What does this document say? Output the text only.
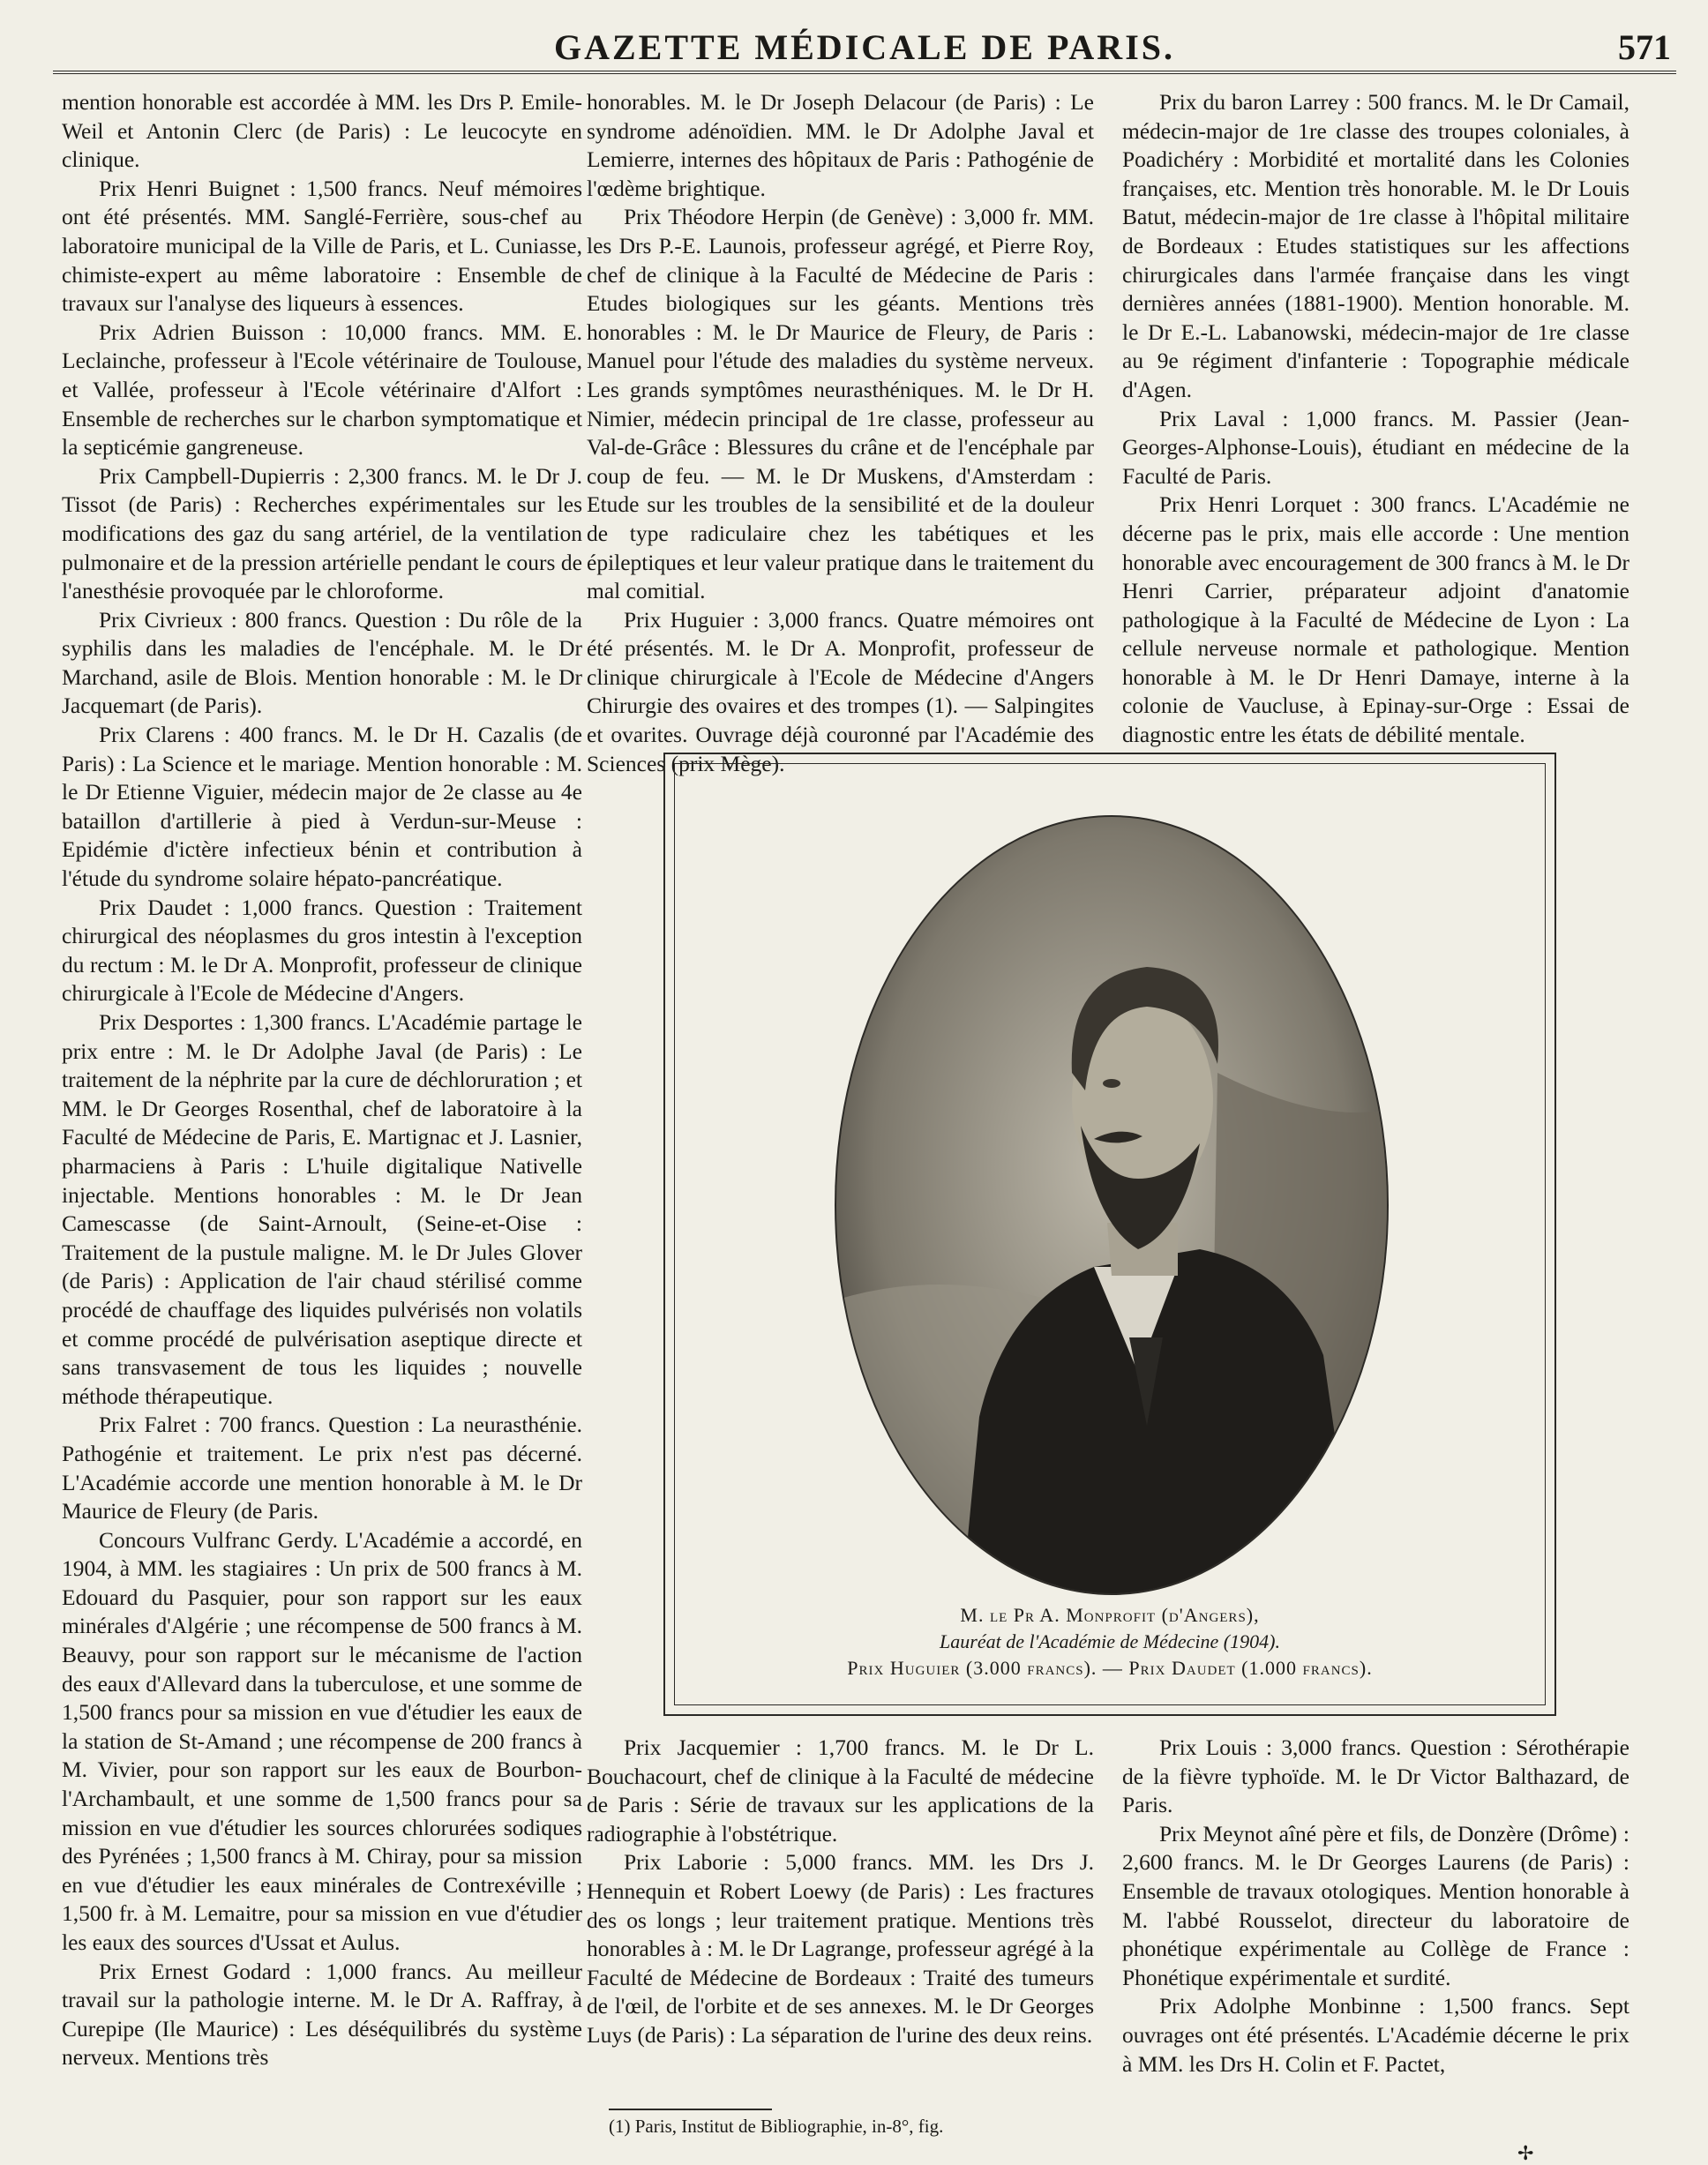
GAZETTE MÉDICALE DE PARIS.	571

mention honorable est accordée à MM. les Drs P. Emile-Weil et Antonin Clerc (de Paris) : Le leucocyte en clinique.

Prix Henri Buignet : 1,500 francs. Neuf mémoires ont été présentés. MM. Sanglé-Ferrière, sous-chef au laboratoire municipal de la Ville de Paris, et L. Cuniasse, chimiste-expert au même laboratoire : Ensemble de travaux sur l'analyse des liqueurs à essences.

Prix Adrien Buisson : 10,000 francs. MM. E. Leclainche, professeur à l'Ecole vétérinaire de Toulouse, et Vallée, professeur à l'Ecole vétérinaire d'Alfort : Ensemble de recherches sur le charbon symptomatique et la septicémie gangreneuse.

Prix Campbell-Dupierris : 2,300 francs. M. le Dr J. Tissot (de Paris) : Recherches expérimentales sur les modifications des gaz du sang artériel, de la ventilation pulmonaire et de la pression artérielle pendant le cours de l'anesthésie provoquée par le chloroforme.

Prix Civrieux : 800 francs. Question : Du rôle de la syphilis dans les maladies de l'encéphale. M. le Dr Marchand, asile de Blois. Mention honorable : M. le Dr Jacquemart (de Paris).

Prix Clarens : 400 francs. M. le Dr H. Cazalis (de Paris) : La Science et le mariage. Mention honorable : M. le Dr Etienne Viguier, médecin major de 2e classe au 4e bataillon d'artillerie à pied à Verdun-sur-Meuse : Epidémie d'ictère infectieux bénin et contribution à l'étude du syndrome solaire hépato-pancréatique.

Prix Daudet : 1,000 francs. Question : Traitement chirurgical des néoplasmes du gros intestin à l'exception du rectum : M. le Dr A. Monprofit, professeur de clinique chirurgicale à l'Ecole de Médecine d'Angers.

Prix Desportes : 1,300 francs. L'Académie partage le prix entre : M. le Dr Adolphe Javal (de Paris) : Le traitement de la néphrite par la cure de déchloruration ; et MM. le Dr Georges Rosenthal, chef de laboratoire à la Faculté de Médecine de Paris, E. Martignac et J. Lasnier, pharmaciens à Paris : L'huile digitalique Nativelle injectable. Mentions honorables : M. le Dr Jean Camescasse (de Saint-Arnoult, (Seine-et-Oise : Traitement de la pustule maligne. M. le Dr Jules Glover (de Paris) : Application de l'air chaud stérilisé comme procédé de chauffage des liquides pulvérisés non volatils et comme procédé de pulvérisation aseptique directe et sans transvasement de tous les liquides ; nouvelle méthode thérapeutique.

Prix Falret : 700 francs. Question : La neurasthénie. Pathogénie et traitement. Le prix n'est pas décerné. L'Académie accorde une mention honorable à M. le Dr Maurice de Fleury (de Paris.

Concours Vulfranc Gerdy. L'Académie a accordé, en 1904, à MM. les stagiaires : Un prix de 500 francs à M. Edouard du Pasquier, pour son rapport sur les eaux minérales d'Algérie ; une récompense de 500 francs à M. Beauvy, pour son rapport sur le mécanisme de l'action des eaux d'Allevard dans la tuberculose, et une somme de 1,500 francs pour sa mission en vue d'étudier les eaux de la station de St-Amand ; une récompense de 200 francs à M. Vivier, pour son rapport sur les eaux de Bourbon-l'Archambault, et une somme de 1,500 francs pour sa mission en vue d'étudier les sources chlorurées sodiques des Pyrénées ; 1,500 francs à M. Chiray, pour sa mission en vue d'étudier les eaux minérales de Contrexéville ; 1,500 fr. à M. Lemaitre, pour sa mission en vue d'étudier les eaux des sources d'Ussat et Aulus.

Prix Ernest Godard : 1,000 francs. Au meilleur travail sur la pathologie interne. M. le Dr A. Raffray, à Curepipe (Ile Maurice) : Les déséquilibrés du système nerveux. Mentions très

honorables. M. le Dr Joseph Delacour (de Paris) : Le syndrome adénoïdien. MM. le Dr Adolphe Javal et Lemierre, internes des hôpitaux de Paris : Pathogénie de l'œdème brightique.

Prix Théodore Herpin (de Genève) : 3,000 fr. MM. les Drs P.-E. Launois, professeur agrégé, et Pierre Roy, chef de clinique à la Faculté de Médecine de Paris : Etudes biologiques sur les géants. Mentions très honorables : M. le Dr Maurice de Fleury, de Paris : Manuel pour l'étude des maladies du système nerveux. Les grands symptômes neurasthéniques. M. le Dr H. Nimier, médecin principal de 1re classe, professeur au Val-de-Grâce : Blessures du crâne et de l'encéphale par coup de feu. — M. le Dr Muskens, d'Amsterdam : Etude sur les troubles de la sensibilité et de la douleur de type radiculaire chez les tabétiques et les épileptiques et leur valeur pratique dans le traitement du mal comitial.

Prix Huguier : 3,000 francs. Quatre mémoires ont été présentés. M. le Dr A. Monprofit, professeur de clinique chirurgicale à l'Ecole de Médecine d'Angers Chirurgie des ovaires et des trompes (1). — Salpingites et ovarites. Ouvrage déjà couronné par l'Académie des Sciences (prix Mège).

Prix du baron Larrey : 500 francs. M. le Dr Camail, médecin-major de 1re classe des troupes coloniales, à Poadichéry : Morbidité et mortalité dans les Colonies françaises, etc. Mention très honorable. M. le Dr Louis Batut, médecin-major de 1re classe à l'hôpital militaire de Bordeaux : Etudes statistiques sur les affections chirurgicales dans l'armée française dans les vingt dernières années (1881-1900). Mention honorable. M. le Dr E.-L. Labanowski, médecin-major de 1re classe au 9e régiment d'infanterie : Topographie médicale d'Agen.

Prix Laval : 1,000 francs. M. Passier (Jean-Georges-Alphonse-Louis), étudiant en médecine de la Faculté de Paris.

Prix Henri Lorquet : 300 francs. L'Académie ne décerne pas le prix, mais elle accorde : Une mention honorable avec encouragement de 300 francs à M. le Dr Henri Carrier, préparateur adjoint d'anatomie pathologique à la Faculté de Médecine de Lyon : La cellule nerveuse normale et pathologique. Mention honorable à M. le Dr Henri Damaye, interne à la colonie de Vaucluse, à Epinay-sur-Orge : Essai de diagnostic entre les états de débilité mentale.

M. le Pr A. Monprofit (d'Angers),
Lauréat de l'Académie de Médecine (1904).
Prix Huguier (3.000 francs). — Prix Daudet (1.000 francs).

Prix Jacquemier : 1,700 francs. M. le Dr L. Bouchacourt, chef de clinique à la Faculté de médecine de Paris : Série de travaux sur les applications de la radiographie à l'obstétrique.

Prix Laborie : 5,000 francs. MM. les Drs J. Hennequin et Robert Loewy (de Paris) : Les fractures des os longs ; leur traitement pratique. Mentions très honorables à : M. le Dr Lagrange, professeur agrégé à la Faculté de Médecine de Bordeaux : Traité des tumeurs de l'œil, de l'orbite et de ses annexes. M. le Dr Georges Luys (de Paris) : La séparation de l'urine des deux reins.

(1) Paris, Institut de Bibliographie, in-8°, fig.

Prix Louis : 3,000 francs. Question : Sérothérapie de la fièvre typhoïde. M. le Dr Victor Balthazard, de Paris.

Prix Meynot aîné père et fils, de Donzère (Drôme) : 2,600 francs. M. le Dr Georges Laurens (de Paris) : Ensemble de travaux otologiques. Mention honorable à M. l'abbé Rousselot, directeur du laboratoire de phonétique expérimentale au Collège de France : Phonétique expérimentale et surdité.

Prix Adolphe Monbinne : 1,500 francs. Sept ouvrages ont été présentés. L'Académie décerne le prix à MM. les Drs H. Colin et F. Pactet,

✢
